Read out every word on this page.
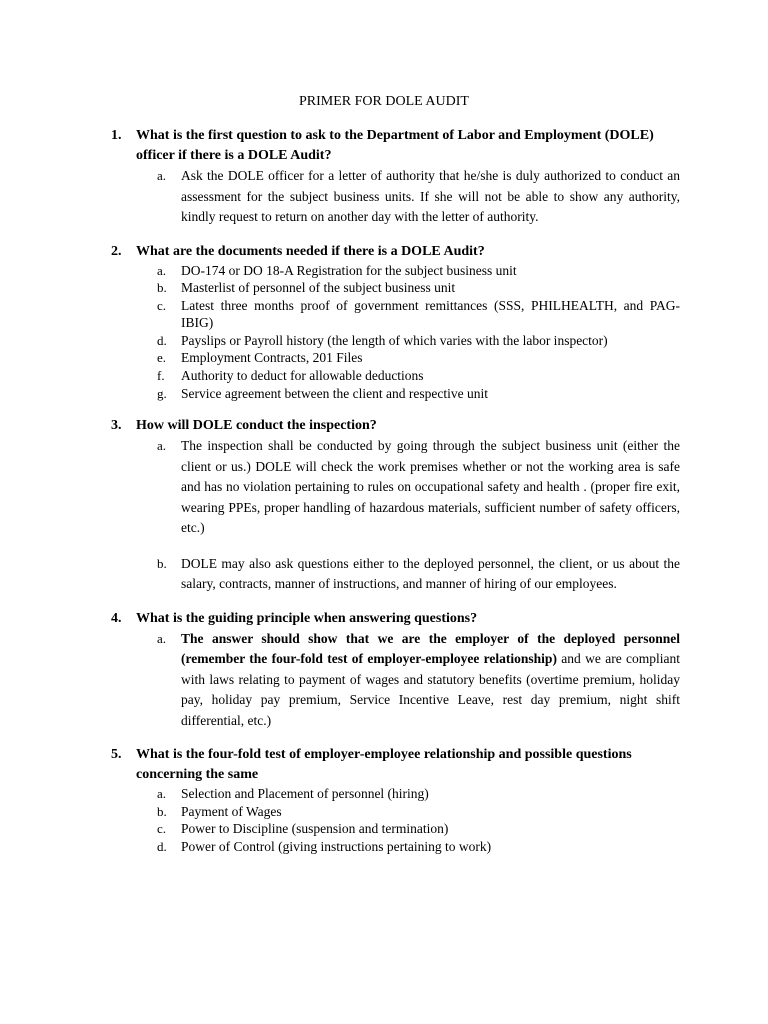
PRIMER FOR DOLE AUDIT
1. What is the first question to ask to the Department of Labor and Employment (DOLE) officer if there is a DOLE Audit?
a. Ask the DOLE officer for a letter of authority that he/she is duly authorized to conduct an assessment for the subject business units. If she will not be able to show any authority, kindly request to return on another day with the letter of authority.
2. What are the documents needed if there is a DOLE Audit?
a. DO-174 or DO 18-A Registration for the subject business unit
b. Masterlist of personnel of the subject business unit
c. Latest three months proof of government remittances (SSS, PHILHEALTH, and PAG-IBIG)
d. Payslips or Payroll history (the length of which varies with the labor inspector)
e. Employment Contracts, 201 Files
f. Authority to deduct for allowable deductions
g. Service agreement between the client and respective unit
3. How will DOLE conduct the inspection?
a. The inspection shall be conducted by going through the subject business unit (either the client or us.) DOLE will check the work premises whether or not the working area is safe and has no violation pertaining to rules on occupational safety and health . (proper fire exit, wearing PPEs, proper handling of hazardous materials, sufficient number of safety officers, etc.)
b. DOLE may also ask questions either to the deployed personnel, the client, or us about the salary, contracts, manner of instructions, and manner of hiring of our employees.
4. What is the guiding principle when answering questions?
a. The answer should show that we are the employer of the deployed personnel (remember the four-fold test of employer-employee relationship) and we are compliant with laws relating to payment of wages and statutory benefits (overtime premium, holiday pay, holiday pay premium, Service Incentive Leave, rest day premium, night shift differential, etc.)
5. What is the four-fold test of employer-employee relationship and possible questions concerning the same
a. Selection and Placement of personnel (hiring)
b. Payment of Wages
c. Power to Discipline (suspension and termination)
d. Power of Control (giving instructions pertaining to work)
